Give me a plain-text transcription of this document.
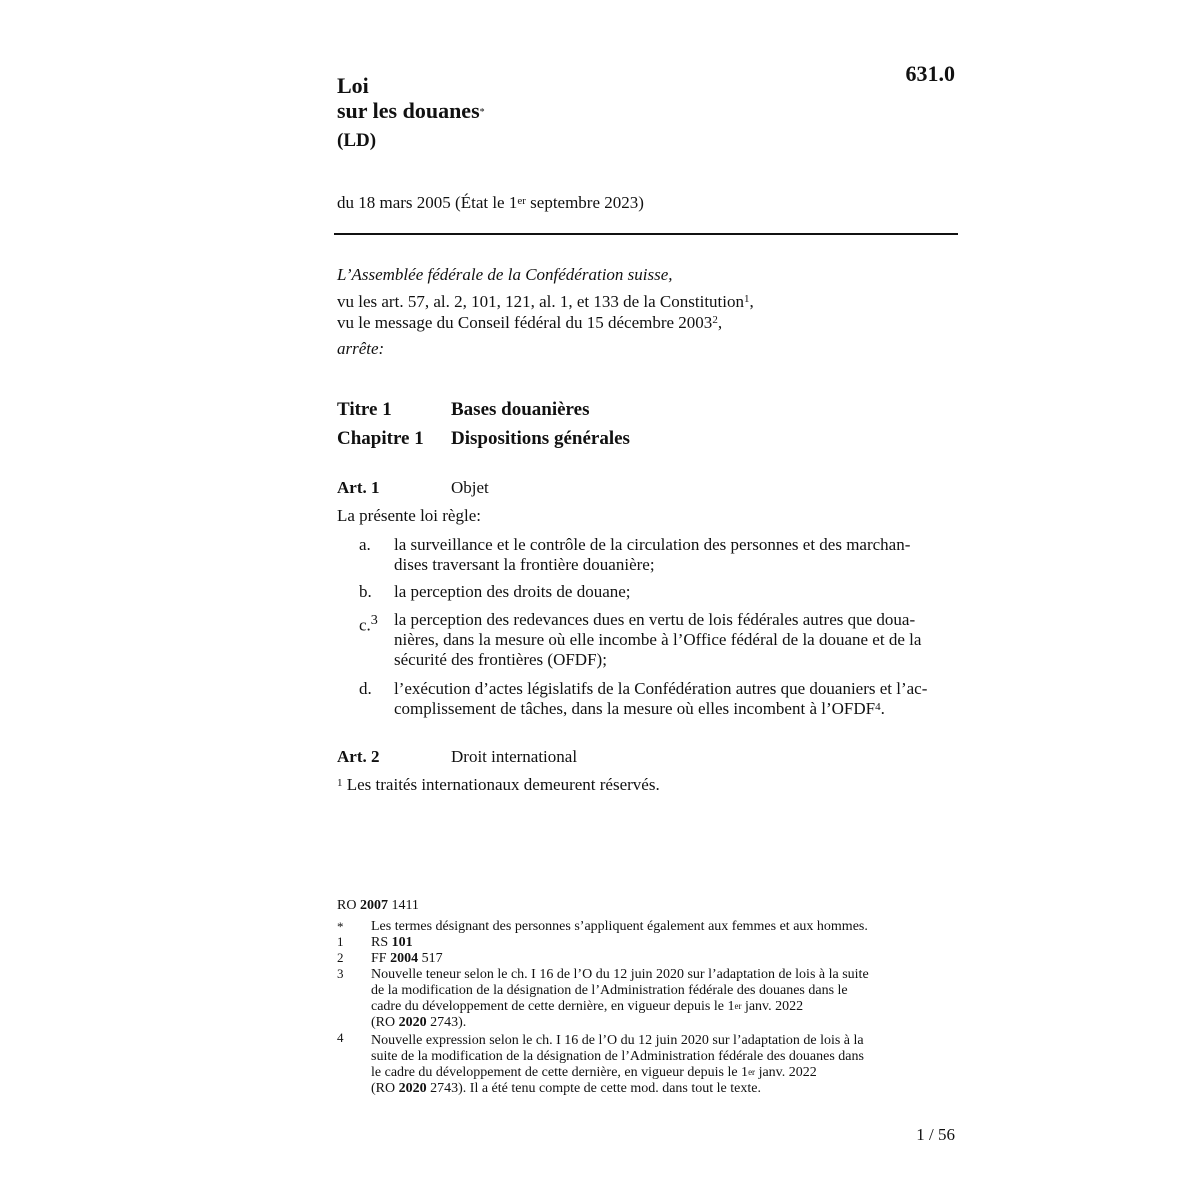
Loi
sur les douanes*
(LD)
631.0
du 18 mars 2005 (État le 1er septembre 2023)
L’Assemblée fédérale de la Confédération suisse,
vu les art. 57, al. 2, 101, 121, al. 1, et 133 de la Constitution$^1$,
vu le message du Conseil fédéral du 15 décembre 2003$^2$,
arrête:
Titre 1	Bases douanières
Chapitre 1 Dispositions générales
Art. 1	Objet
La présente loi règle:
a. la surveillance et le contrôle de la circulation des personnes et des marchan-
dises traversant la frontière douanière;
b. la perception des droits de douane;
c.$^3$ la perception des redevances dues en vertu de lois fédérales autres que doua-
nières, dans la mesure où elle incombe à l’Office fédéral de la douane et de la
sécurité des frontières (OFDF);
d. l’exécution d’actes législatifs de la Confédération autres que douaniers et l’ac-
complissement de tâches, dans la mesure où elles incombent à l’OFDF$^4$.
Art. 2	Droit international
$^1$ Les traités internationaux demeurent réservés.
RO 2007 1411
* Les termes désignant des personnes s’appliquent également aux femmes et aux hommes.
1 RS 101
2 FF 2004 517
3 Nouvelle teneur selon le ch. I 16 de l’O du 12 juin 2020 sur l’adaptation de lois à la suite
de la modification de la désignation de l’Administration fédérale des douanes dans le
cadre du développement de cette dernière, en vigueur depuis le 1er janv. 2022
(RO 2020 2743).
4 Nouvelle expression selon le ch. I 16 de l’O du 12 juin 2020 sur l’adaptation de lois à la
suite de la modification de la désignation de l’Administration fédérale des douanes dans
le cadre du développement de cette dernière, en vigueur depuis le 1er janv. 2022
(RO 2020 2743). Il a été tenu compte de cette mod. dans tout le texte.
1 / 56
